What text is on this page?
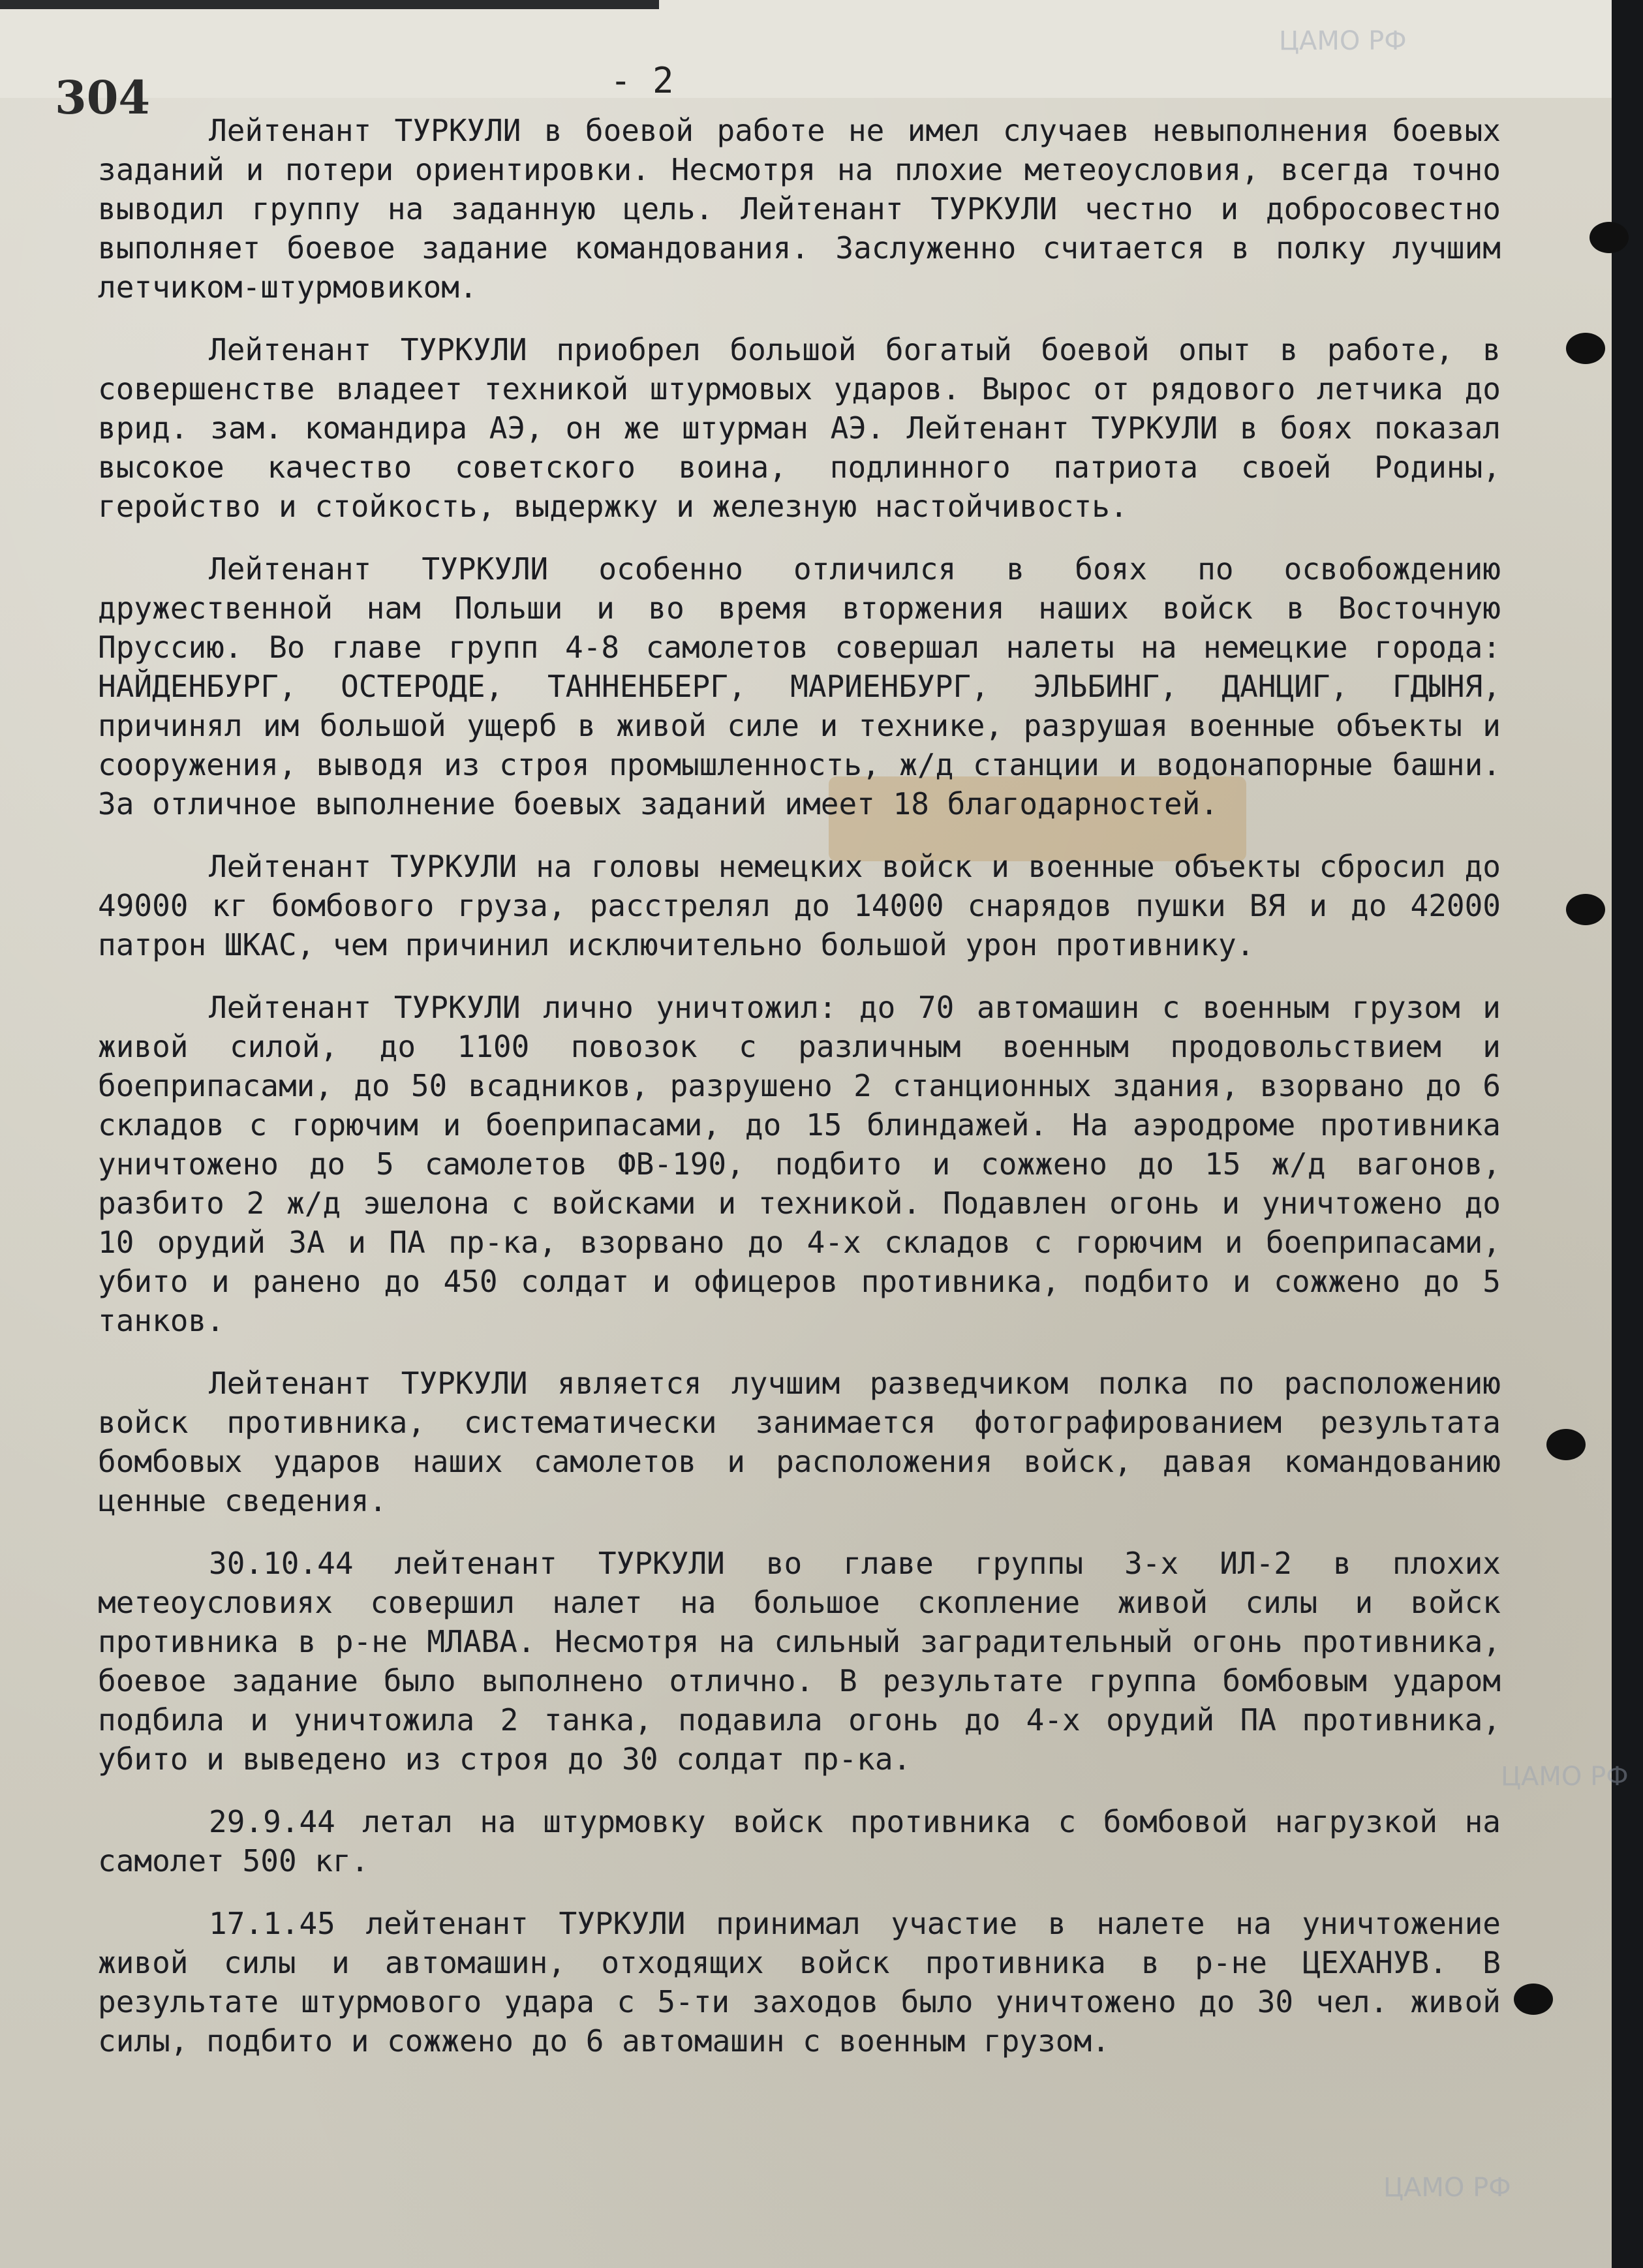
ЦАМО РФ
ЦАМО РФ
ЦАМО РФ
304	- 2

Лейтенант ТУРКУЛИ в боевой работе не имел случаев невыполнения боевых заданий и потери ориентировки. Несмотря на плохие метеоусловия, всегда точно выводил группу на заданную цель. Лейтенант ТУРКУЛИ честно и добросовестно выполняет боевое задание командования. Заслуженно считается в полку лучшим летчиком-штурмовиком.

Лейтенант ТУРКУЛИ приобрел большой богатый боевой опыт в работе, в совершенстве владеет техникой штурмовых ударов. Вырос от рядового летчика до врид. зам. командира АЭ, он же штурман АЭ. Лейтенант ТУРКУЛИ в боях показал высокое качество советского воина, подлинного патриота своей Родины, геройство и стойкость, выдержку и железную настойчивость.

Лейтенант ТУРКУЛИ особенно отличился в боях по освобождению дружественной нам Польши и во время вторжения наших войск в Восточную Пруссию. Во главе групп 4-8 самолетов совершал налеты на немецкие города: НАЙДЕНБУРГ, ОСТЕРОДЕ, ТАННЕНБЕРГ, МАРИЕНБУРГ, ЭЛЬБИНГ, ДАНЦИГ, ГДЫНЯ, причинял им большой ущерб в живой силе и технике, разрушая военные объекты и сооружения, выводя из строя промышленность, ж/д станции и водонапорные башни. За отличное выполнение боевых заданий имеет 18 благодарностей.

Лейтенант ТУРКУЛИ на головы немецких войск и военные объекты сбросил до 49000 кг бомбового груза, расстрелял до 14000 снарядов пушки ВЯ и до 42000 патрон ШКАС, чем причинил исключительно большой урон противнику.

Лейтенант ТУРКУЛИ лично уничтожил: до 70 автомашин с военным грузом и живой силой, до 1100 повозок с различным военным продовольствием и боеприпасами, до 50 всадников, разрушено 2 станционных здания, взорвано до 6 складов с горючим и боеприпасами, до 15 блиндажей. На аэродроме противника уничтожено до 5 самолетов ФВ-190, подбито и сожжено до 15 ж/д вагонов, разбито 2 ж/д эшелона с войсками и техникой. Подавлен огонь и уничтожено до 10 орудий ЗА и ПА пр-ка, взорвано до 4-х складов с горючим и боеприпасами, убито и ранено до 450 солдат и офицеров противника, подбито и сожжено до 5 танков.

Лейтенант ТУРКУЛИ является лучшим разведчиком полка по расположению войск противника, систематически занимается фотографированием результата бомбовых ударов наших самолетов и расположения войск, давая командованию ценные сведения.

30.10.44 лейтенант ТУРКУЛИ во главе группы 3-х ИЛ-2 в плохих метеоусловиях совершил налет на большое скопление живой силы и войск противника в р-не МЛАВА. Несмотря на сильный заградительный огонь противника, боевое задание было выполнено отлично. В результате группа бомбовым ударом подбила и уничтожила 2 танка, подавила огонь до 4-х орудий ПА противника, убито и выведено из строя до 30 солдат пр-ка.

29.9.44 летал на штурмовку войск противника с бомбовой нагрузкой на самолет 500 кг.

17.1.45 лейтенант ТУРКУЛИ принимал участие в налете на уничтожение живой силы и автомашин, отходящих войск противника в р-не ЦЕХАНУВ. В результате штурмового удара с 5-ти заходов было уничтожено до 30 чел. живой силы, подбито и сожжено до 6 автомашин с военным грузом.
